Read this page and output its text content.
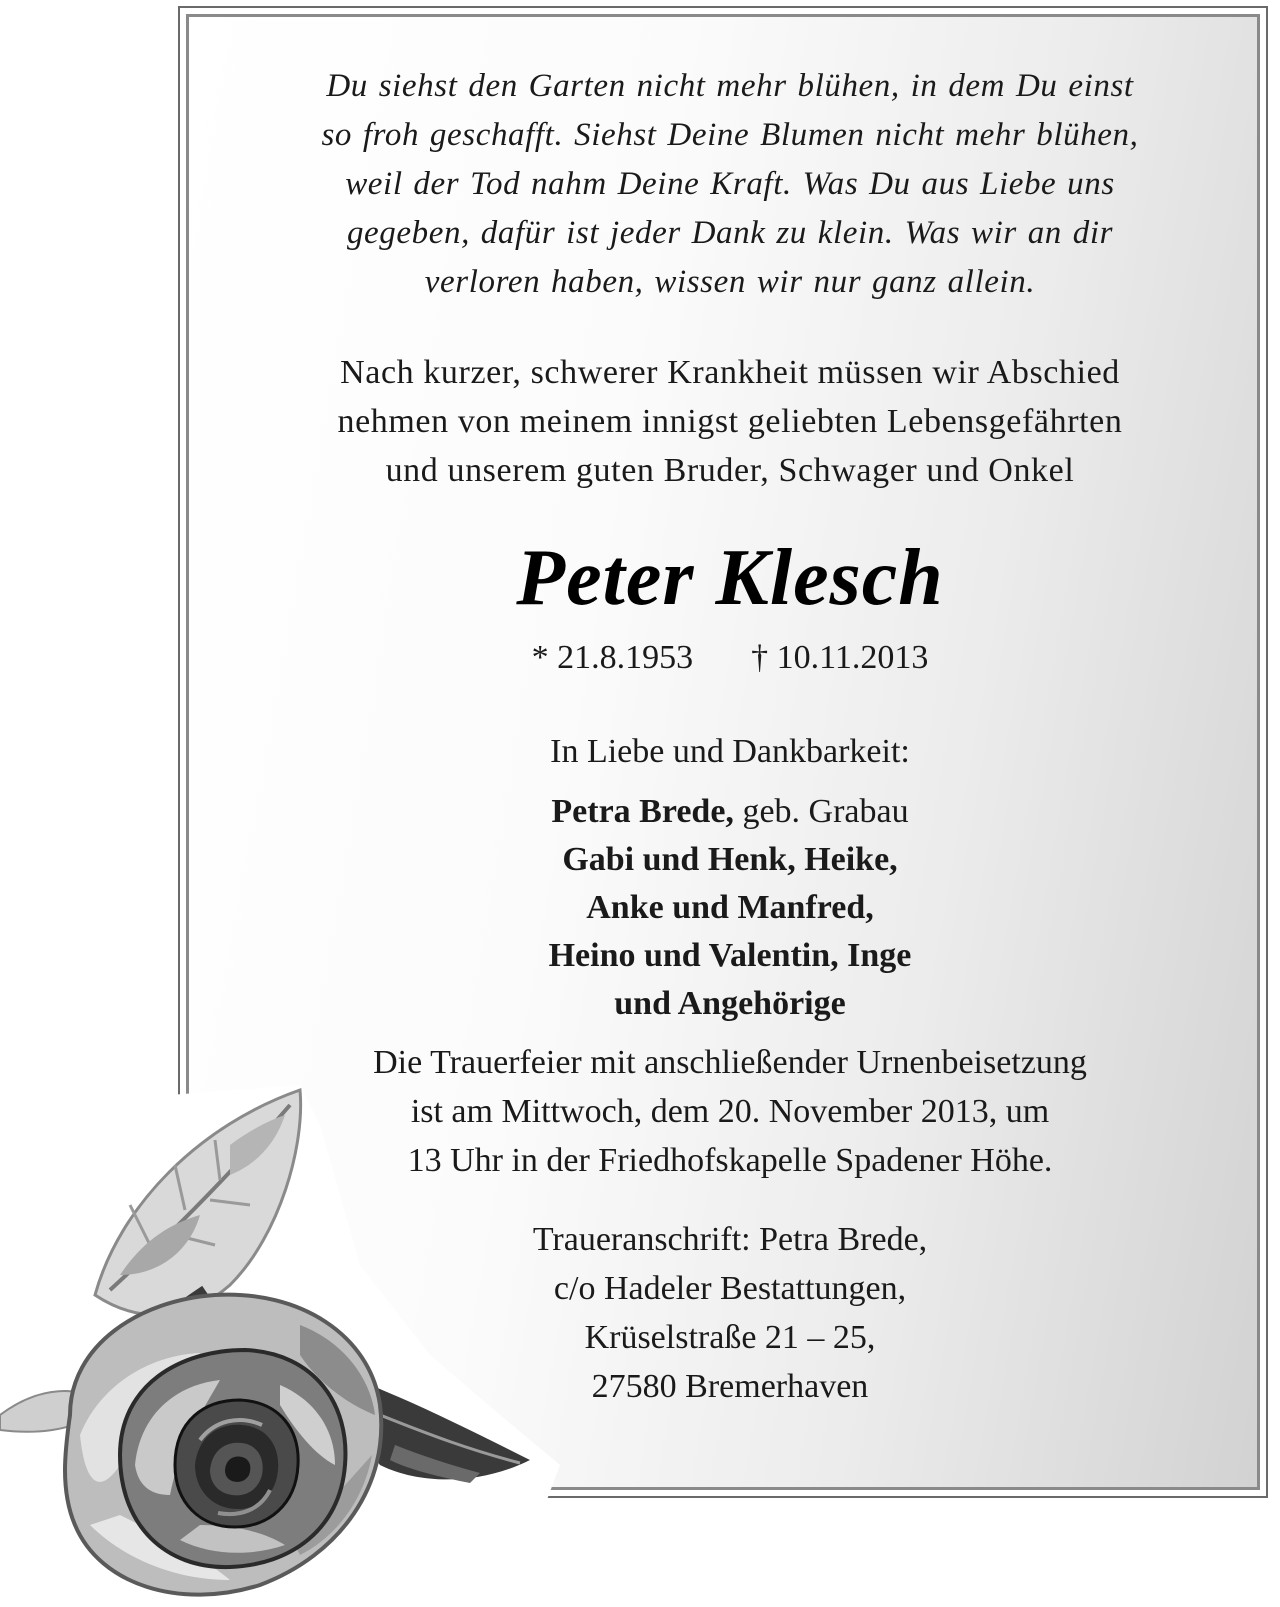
Du siehst den Garten nicht mehr blühen, in dem Du einst
so froh geschafft. Siehst Deine Blumen nicht mehr blühen,
weil der Tod nahm Deine Kraft. Was Du aus Liebe uns
gegeben, dafür ist jeder Dank zu klein. Was wir an dir
verloren haben, wissen wir nur ganz allein.
Nach kurzer, schwerer Krankheit müssen wir Abschied
nehmen von meinem innigst geliebten Lebensgefährten
und unserem guten Bruder, Schwager und Onkel
Peter Klesch
* 21.8.1953 † 10.11.2013
In Liebe und Dankbarkeit:
Petra Brede, geb. Grabau
Gabi und Henk, Heike,
Anke und Manfred,
Heino und Valentin, Inge
und Angehörige
Die Trauerfeier mit anschließender Urnenbeisetzung
ist am Mittwoch, dem 20. November 2013, um
13 Uhr in der Friedhofskapelle Spadener Höhe.
Traueranschrift: Petra Brede,
c/o Hadeler Bestattungen,
Krüselstraße 21 – 25,
27580 Bremerhaven
